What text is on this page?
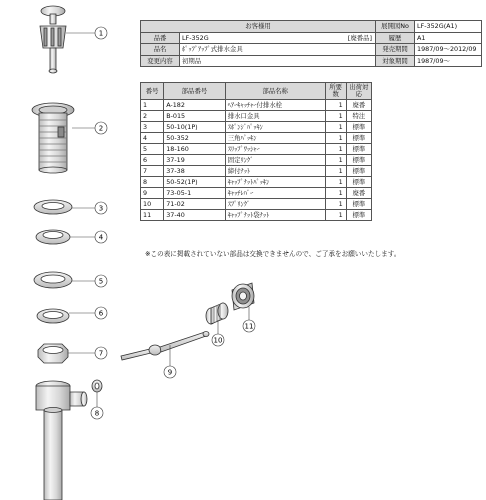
1
2
3
4
5
6
7
8
9
10
11
お客様用		展開図No	LF-352G(A1)
品番	LF-352G [廃番品]	履歴	A1
品名	ﾎﾟｯﾌﾟｱｯﾌﾟ式排水金具	発売期間	1987/09～2012/09
変更内容	初期品	対象期間	1987/09～
番号	部品番号	部品名称	所要数	出荷対応
1	A-182	ﾍｱｰｷｬｯﾁｬｰ付排水栓	1	廃番
2	B-015	排水口金具	1	特注
3	50-10(1P)	ｽﾎﾟﾝｼﾞﾊﾟｯｷﾝ	1	標準
4	50-352	三角ﾊﾟｯｷﾝ	1	標準
5	18-160	ｽﾘｯﾌﾟﾜｯｼｬｰ	1	標準
6	37-19	固定ﾘﾝｸﾞ	1	標準
7	37-38	締付ﾅｯﾄ	1	標準
8	50-52(1P)	ｷｬｯﾌﾟﾅｯﾄﾊﾟｯｷﾝ	1	標準
9	73-05-1	ｷｬｯﾁﾚﾊﾞｰ	1	廃番
10	71-02	ｽﾌﾟﾘﾝｸﾞ	1	標準
11	37-40	ｷｬｯﾌﾟﾅｯﾄ袋ﾅｯﾄ	1	標準
※この表に掲載されていない部品は交換できませんので、ご了承をお願いいたします。
